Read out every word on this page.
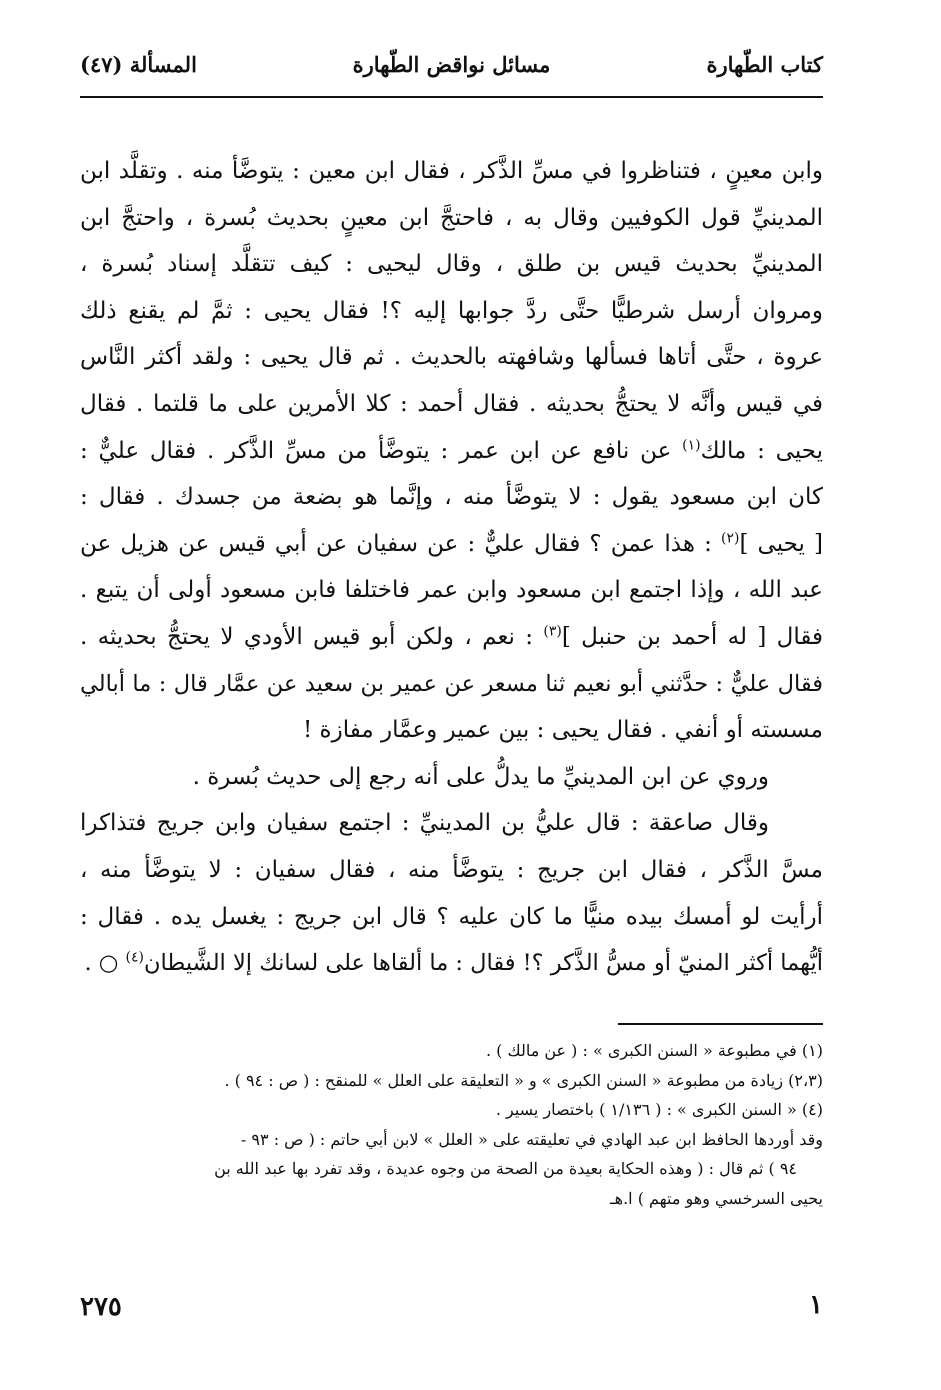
كتاب الطّهارة
مسائل نواقض الطّهارة
المسألة (٤٧)
وابن معينٍ ، فتناظروا في مسِّ الذَّكر ، فقال ابن معين : يتوضَّأ منه . وتقلَّد ابن
المدينيِّ قول الكوفيين وقال به ، فاحتجَّ ابن معينٍ بحديث بُسرة ، واحتجَّ ابن
المدينيِّ بحديث قيس بن طلق ، وقال ليحيى : كيف تتقلَّد إسناد بُسرة ،
ومروان أرسل شرطيًّا حتَّى ردَّ جوابها إليه ؟! فقال يحيى : ثمَّ لم يقنع ذلك
عروة ، حتَّى أتاها فسألها وشافهته بالحديث . ثم قال يحيى : ولقد أكثر النَّاس
في قيس وأنَّه لا يحتجُّ بحديثه . فقال أحمد : كلا الأمرين على ما قلتما . فقال
يحيى : مالك$^{(١)}$ عن نافع عن ابن عمر : يتوضَّأ من مسِّ الذَّكر . فقال عليٌّ :
كان ابن مسعود يقول : لا يتوضَّأ منه ، وإنَّما هو بضعة من جسدك . فقال :
[ يحيى ]$^{(٢)}$ : هذا عمن ؟ فقال عليٌّ : عن سفيان عن أبي قيس عن هزيل عن
عبد الله ، وإذا اجتمع ابن مسعود وابن عمر فاختلفا فابن مسعود أولى أن يتبع .
فقال [ له أحمد بن حنبل ]$^{(٣)}$ : نعم ، ولكن أبو قيس الأودي لا يحتجُّ بحديثه .
فقال عليٌّ : حدَّثني أبو نعيم ثنا مسعر عن عمير بن سعيد عن عمَّار قال : ما أبالي
مسسته أو أنفي . فقال يحيى : بين عمير وعمَّار مفازة !
وروي عن ابن المدينيِّ ما يدلُّ على أنه رجع إلى حديث بُسرة .
وقال صاعقة : قال عليُّ بن المدينيِّ : اجتمع سفيان وابن جريج فتذاكرا
مسَّ الذَّكر ، فقال ابن جريج : يتوضَّأ منه ، فقال سفيان : لا يتوضَّأ منه ،
أرأيت لو أمسك بيده منيًّا ما كان عليه ؟ قال ابن جريج : يغسل يده . فقال :
أيُّهما أكثر المنيّ أو مسُّ الذَّكر ؟! فقال : ما ألقاها على لسانك إلا الشَّيطان$^{(٤)}$ ○ .
(١) في مطبوعة « السنن الكبرى » : ( عن مالك ) .
(٢،٣) زيادة من مطبوعة « السنن الكبرى » و « التعليقة على العلل » للمنقح : ( ص : ٩٤ ) .
(٤) « السنن الكبرى » : ( ١/١٣٦ ) باختصار يسير .
وقد أوردها الحافظ ابن عبد الهادي في تعليقته على « العلل » لابن أبي حاتم : ( ص : ٩٣ -
٩٤ ) ثم قال : ( وهذه الحكاية بعيدة من الصحة من وجوه عديدة ، وقد تفرد بها عبد الله بن
يحيى السرخسي وهو متهم ) ا.هـ
٢٧٥	١
